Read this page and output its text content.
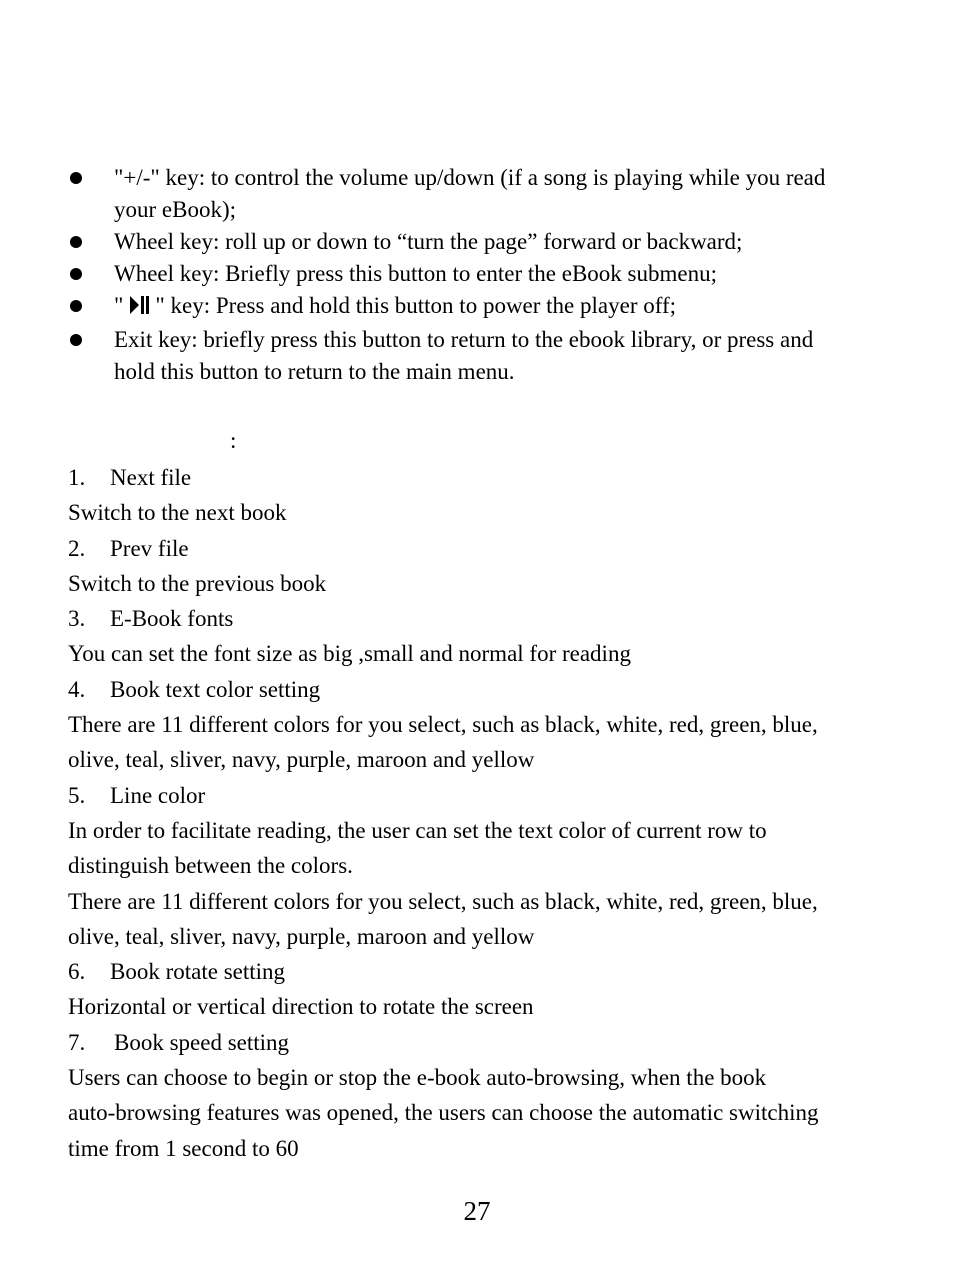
"+/-" key: to control the volume up/down (if a song is playing while you read
your eBook);
Wheel key: roll up or down to “turn the page” forward or backward;
Wheel key: Briefly press this button to enter the eBook submenu;
" " key: Press and hold this button to power the player off;
Exit key: briefly press this button to return to the ebook library, or press and
hold this button to return to the main menu.
:
1. Next file
Switch to the next book
2. Prev file
Switch to the previous book
3. E-Book fonts
You can set the font size as big ,small and normal for reading
4. Book text color setting
There are 11 different colors for you select, such as black, white, red, green, blue,
olive, teal, sliver, navy, purple, maroon and yellow
5. Line color
In order to facilitate reading, the user can set the text color of current row to
distinguish between the colors.
There are 11 different colors for you select, such as black, white, red, green, blue,
olive, teal, sliver, navy, purple, maroon and yellow
6. Book rotate setting
Horizontal or vertical direction to rotate the screen
7. Book speed setting
Users can choose to begin or stop the e-book auto-browsing, when the book
auto-browsing features was opened, the users can choose the automatic switching
time from 1 second to 60
27
